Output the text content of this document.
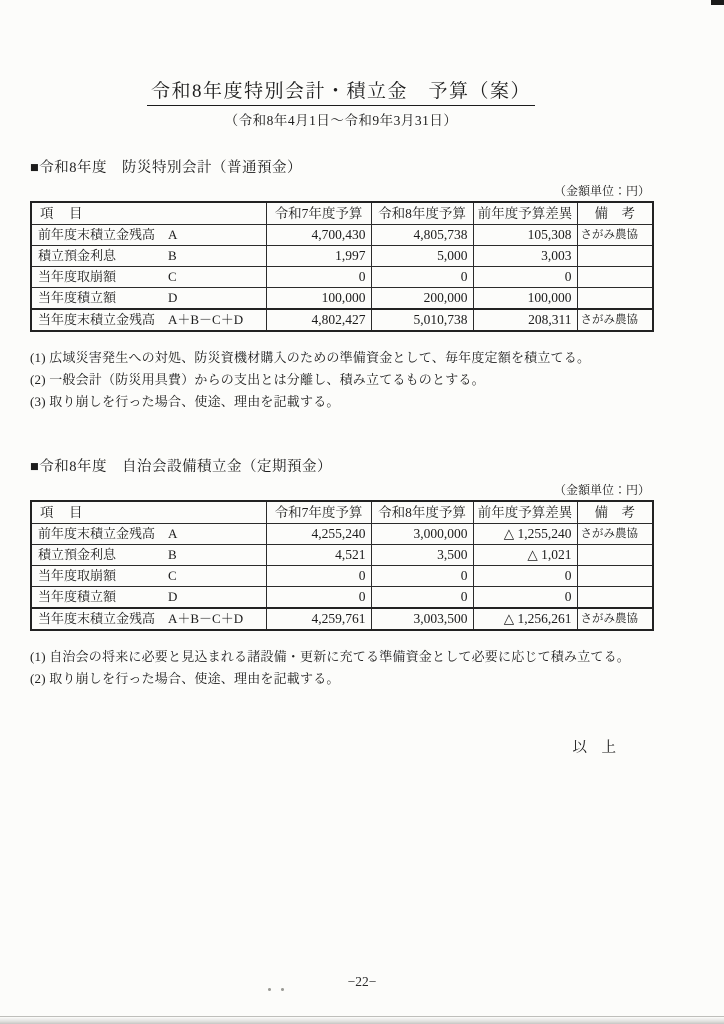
令和8年度特別会計・積立金　予算（案）
（令和8年4月1日～令和9年3月31日）
■令和8年度　防災特別会計（普通預金）
（金額単位：円）
項　目	令和7年度予算	令和8年度予算	前年度予算差異	備　考
前年度末積立金残高 A	4,700,430	4,805,738	105,308	さがみ農協
積立預金利息 B	1,997	5,000	3,003	
当年度取崩額 C	0	0	0	
当年度積立額 D	100,000	200,000	100,000	
当年度末積立金残高 A＋B－C＋D	4,802,427	5,010,738	208,311	さがみ農協

(1) 広域災害発生への対処、防災資機材購入のための準備資金として、毎年度定額を積立てる。

(2) 一般会計（防災用具費）からの支出とは分離し、積み立てるものとする。

(3) 取り崩しを行った場合、使途、理由を記載する。

■令和8年度　自治会設備積立金（定期預金）
（金額単位：円）
項　目	令和7年度予算	令和8年度予算	前年度予算差異	備　考
前年度末積立金残高 A	4,255,240	3,000,000	△ 1,255,240	さがみ農協
積立預金利息 B	4,521	3,500	△ 1,021	
当年度取崩額 C	0	0	0	
当年度積立額 D	0	0	0	
当年度末積立金残高 A＋B－C＋D	4,259,761	3,003,500	△ 1,256,261	さがみ農協

(1) 自治会の将来に必要と見込まれる諸設備・更新に充てる準備資金として必要に応じて積み立てる。

(2) 取り崩しを行った場合、使途、理由を記載する。

以　上
−22−
